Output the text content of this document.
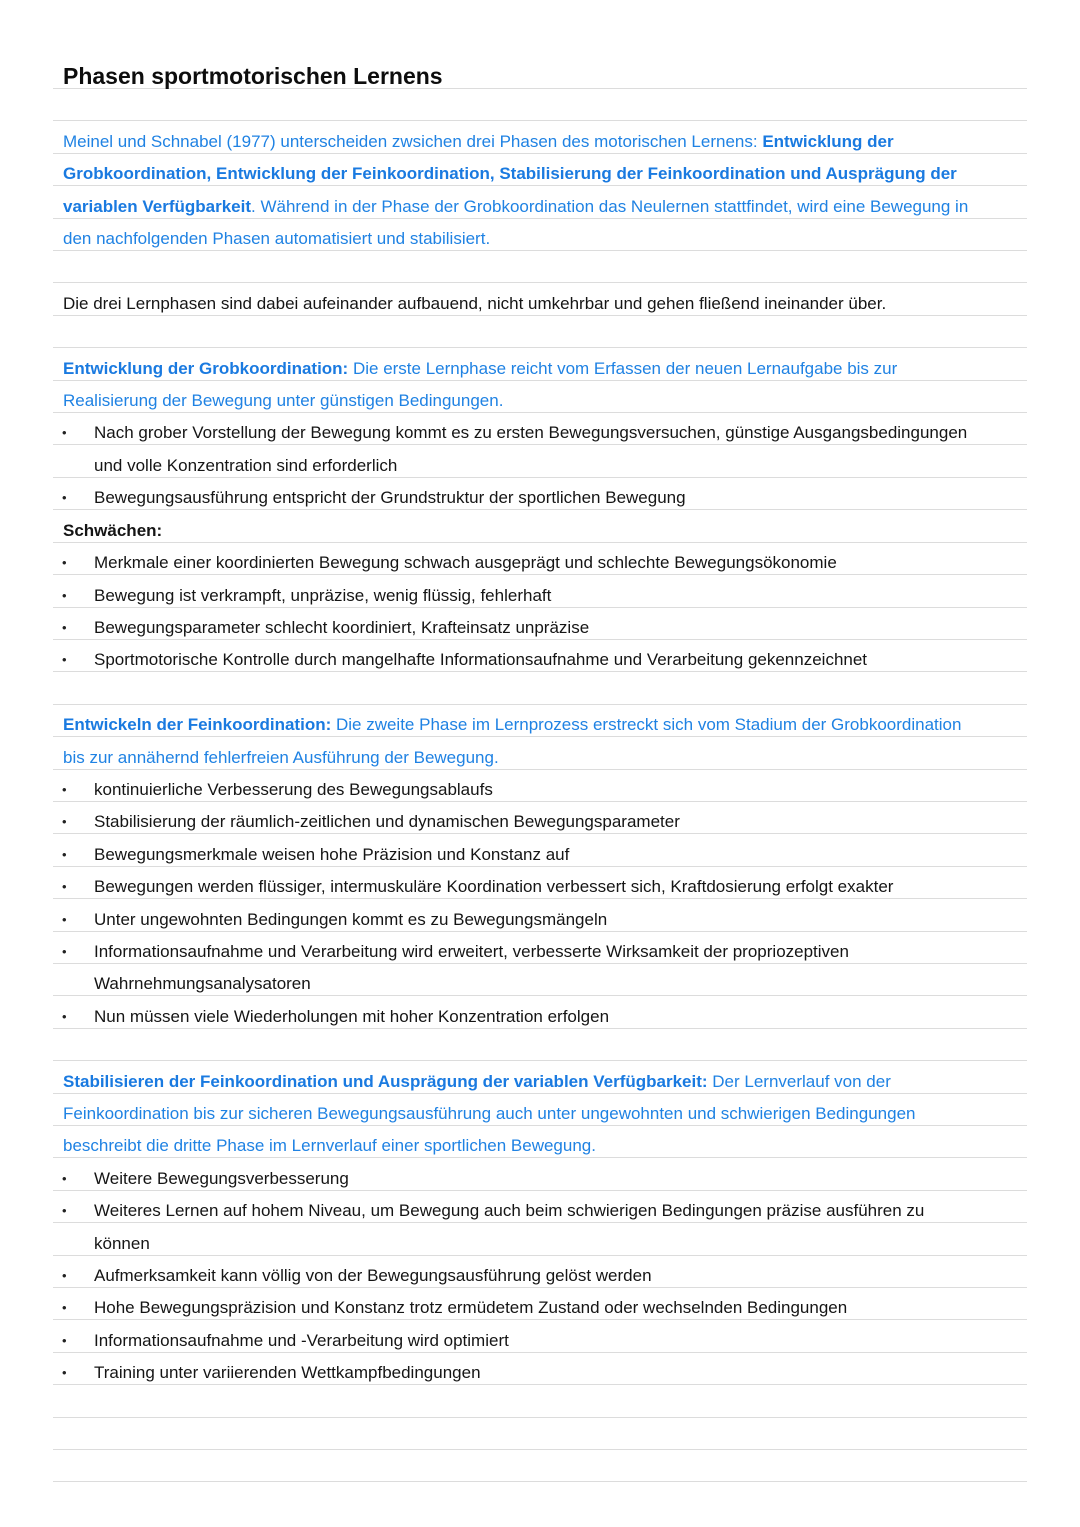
Phasen sportmotorischen Lernens
Meinel und Schnabel (1977) unterscheiden zwsichen drei Phasen des motorischen Lernens: Entwicklung der
Grobkoordination, Entwicklung der Feinkoordination, Stabilisierung der Feinkoordination und Ausprägung der
variablen Verfügbarkeit. Während in der Phase der Grobkoordination das Neulernen stattfindet, wird eine Bewegung in
den nachfolgenden Phasen automatisiert und stabilisiert.
Die drei Lernphasen sind dabei aufeinander aufbauend, nicht umkehrbar und gehen fließend ineinander über.
Entwicklung der Grobkoordination: Die erste Lernphase reicht vom Erfassen der neuen Lernaufgabe bis zur
Realisierung der Bewegung unter günstigen Bedingungen.
• Nach grober Vorstellung der Bewegung kommt es zu ersten Bewegungsversuchen, günstige Ausgangsbedingungen
und volle Konzentration sind erforderlich
• Bewegungsausführung entspricht der Grundstruktur der sportlichen Bewegung
Schwächen:
• Merkmale einer koordinierten Bewegung schwach ausgeprägt und schlechte Bewegungsökonomie
• Bewegung ist verkrampft, unpräzise, wenig flüssig, fehlerhaft
• Bewegungsparameter schlecht koordiniert, Krafteinsatz unpräzise
• Sportmotorische Kontrolle durch mangelhafte Informationsaufnahme und Verarbeitung gekennzeichnet
Entwickeln der Feinkoordination: Die zweite Phase im Lernprozess erstreckt sich vom Stadium der Grobkoordination
bis zur annähernd fehlerfreien Ausführung der Bewegung.
• kontinuierliche Verbesserung des Bewegungsablaufs
• Stabilisierung der räumlich-zeitlichen und dynamischen Bewegungsparameter
• Bewegungsmerkmale weisen hohe Präzision und Konstanz auf
• Bewegungen werden flüssiger, intermuskuläre Koordination verbessert sich, Kraftdosierung erfolgt exakter
• Unter ungewohnten Bedingungen kommt es zu Bewegungsmängeln
• Informationsaufnahme und Verarbeitung wird erweitert, verbesserte Wirksamkeit der propriozeptiven
Wahrnehmungsanalysatoren
• Nun müssen viele Wiederholungen mit hoher Konzentration erfolgen
Stabilisieren der Feinkoordination und Ausprägung der variablen Verfügbarkeit: Der Lernverlauf von der
Feinkoordination bis zur sicheren Bewegungsausführung auch unter ungewohnten und schwierigen Bedingungen
beschreibt die dritte Phase im Lernverlauf einer sportlichen Bewegung.
• Weitere Bewegungsverbesserung
• Weiteres Lernen auf hohem Niveau, um Bewegung auch beim schwierigen Bedingungen präzise ausführen zu
können
• Aufmerksamkeit kann völlig von der Bewegungsausführung gelöst werden
• Hohe Bewegungspräzision und Konstanz trotz ermüdetem Zustand oder wechselnden Bedingungen
• Informationsaufnahme und -Verarbeitung wird optimiert
• Training unter variierenden Wettkampfbedingungen
